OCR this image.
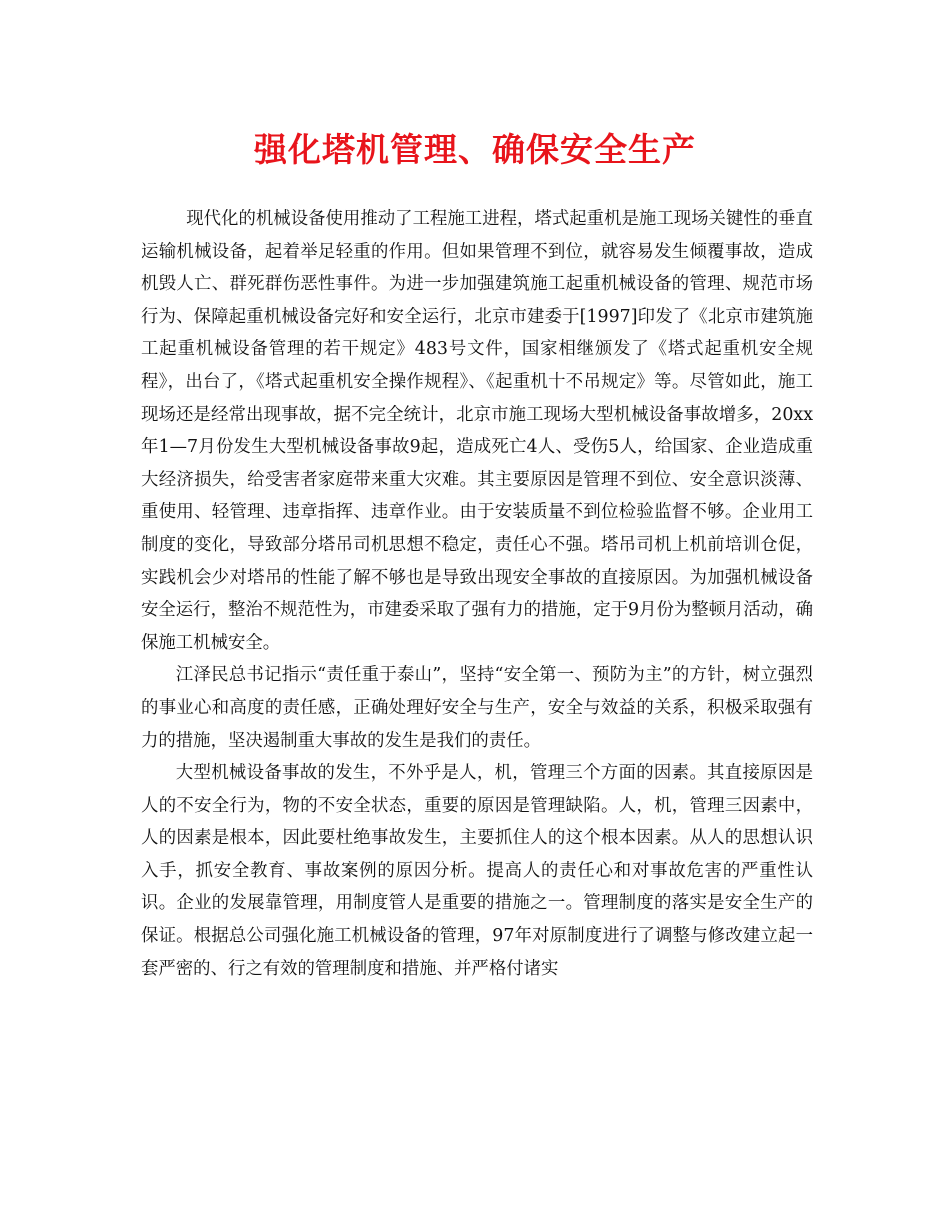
强化塔机管理、确保安全生产

现代化的机械设备使用推动了工程施工进程，塔式起重机是施工现场关键性的垂直运输机械设备，起着举足轻重的作用。但如果管理不到位，就容易发生倾覆事故，造成机毁人亡、群死群伤恶性事件。为进一步加强建筑施工起重机械设备的管理、规范市场行为、保障起重机械设备完好和安全运行，北京市建委于[1997]印发了《北京市建筑施工起重机械设备管理的若干规定》483号文件，国家相继颁发了《塔式起重机安全规程》，出台了，《塔式起重机安全操作规程》、《起重机十不吊规定》等。尽管如此，施工现场还是经常出现事故，据不完全统计，北京市施工现场大型机械设备事故增多，20xx年1—7月份发生大型机械设备事故9起，造成死亡4人、受伤5人，给国家、企业造成重大经济损失，给受害者家庭带来重大灾难。其主要原因是管理不到位、安全意识淡薄、重使用、轻管理、违章指挥、违章作业。由于安装质量不到位检验监督不够。企业用工制度的变化，导致部分塔吊司机思想不稳定，责任心不强。塔吊司机上机前培训仓促，实践机会少对塔吊的性能了解不够也是导致出现安全事故的直接原因。为加强机械设备安全运行，整治不规范性为，市建委采取了强有力的措施，定于9月份为整顿月活动，确保施工机械安全。

江泽民总书记指示“责任重于泰山”，坚持“安全第一、预防为主”的方针，树立强烈的事业心和高度的责任感，正确处理好安全与生产，安全与效益的关系，积极采取强有力的措施，坚决遏制重大事故的发生是我们的责任。

大型机械设备事故的发生，不外乎是人，机，管理三个方面的因素。其直接原因是人的不安全行为，物的不安全状态，重要的原因是管理缺陷。人，机，管理三因素中，人的因素是根本，因此要杜绝事故发生，主要抓住人的这个根本因素。从人的思想认识入手，抓安全教育、事故案例的原因分析。提高人的责任心和对事故危害的严重性认识。企业的发展靠管理，用制度管人是重要的措施之一。管理制度的落实是安全生产的保证。根据总公司强化施工机械设备的管理，97年对原制度进行了调整与修改建立起一套严密的、行之有效的管理制度和措施、并严格付诸实
